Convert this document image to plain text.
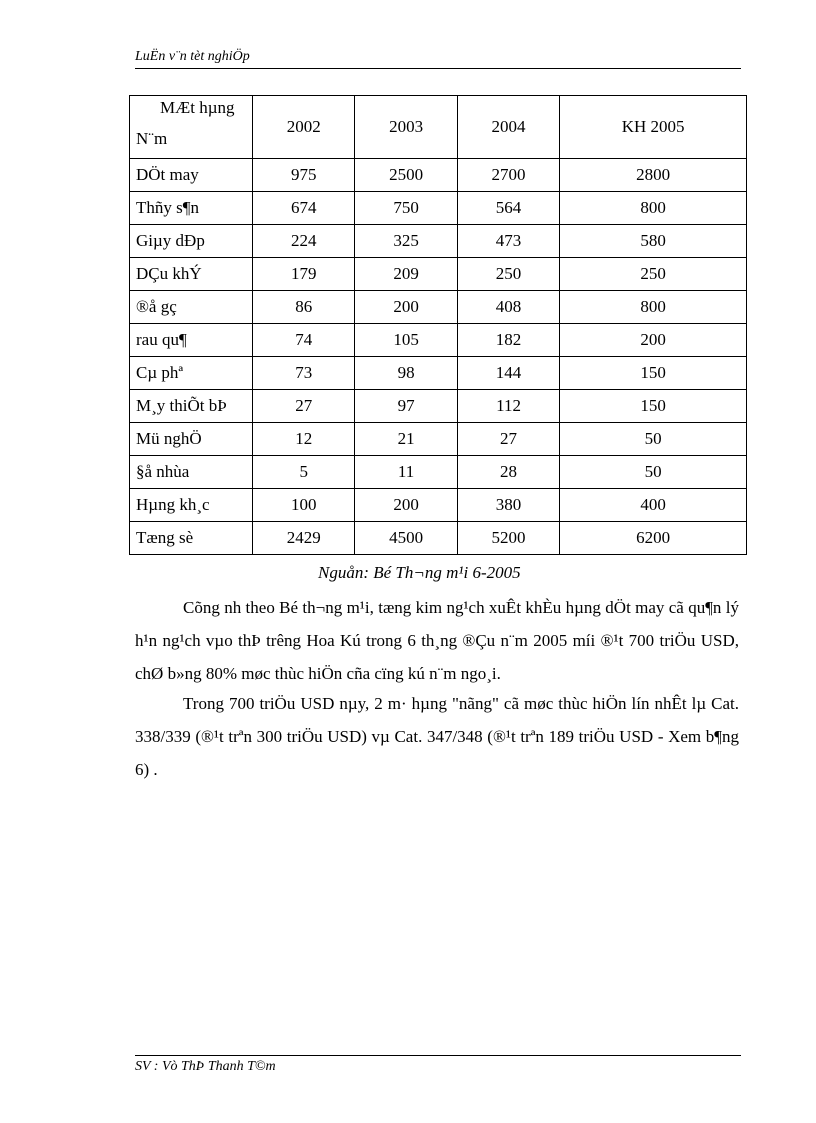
LuËn v¨n tèt nghiÖp
MÆt hµng
N¨m	2002	2003	2004	KH 2005
DÖt may	975	2500	2700	2800
Thñy s¶n	674	750	564	800
Giµy dÐp	224	325	473	580
DÇu khÝ	179	209	250	250
®å gç	86	200	408	800
rau qu¶	74	105	182	200
Cµ phª	73	98	144	150
M¸y thiÕt bÞ	27	97	112	150
Mü nghÖ	12	21	27	50
§å nhùa	5	11	28	50
Hµng kh¸c	100	200	380	400
Tæng sè	2429	4500	5200	6200
Nguån: Bé Th¬ng m¹i 6-2005

Cõng nh theo Bé th¬ng m¹i, tæng kim ng¹ch xuÊt khÈu hµng dÖt may cã qu¶n lý h¹n ng¹ch vµo thÞ trêng Hoa Kú trong 6 th¸ng ®Çu n¨m 2005 míi ®¹t 700 triÖu USD, chØ b»ng 80% møc thùc hiÖn cña cïng kú n¨m ngo¸i.

Trong 700 triÖu USD nµy, 2 m· hµng "nãng" cã møc thùc hiÖn lín nhÊt lµ Cat. 338/339 (®¹t trªn 300 triÖu USD) vµ Cat. 347/348 (®¹t trªn 189 triÖu USD - Xem b¶ng 6) .

SV : Vò ThÞ Thanh T©m
